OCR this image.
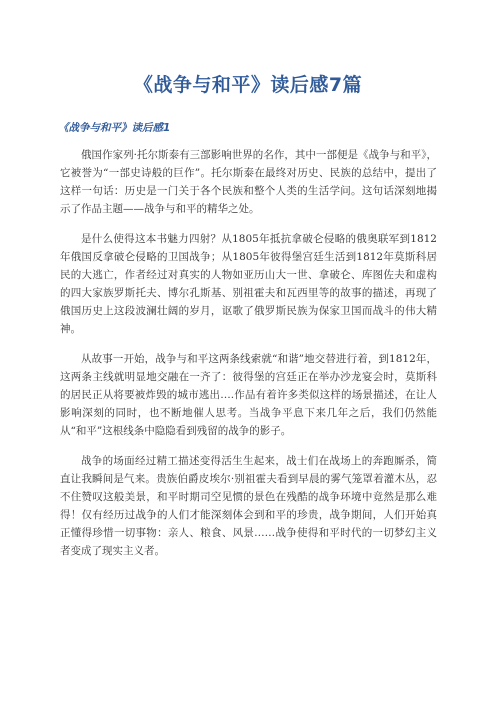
《战争与和平》读后感7篇
《战争与和平》读后感1

俄国作家列·托尔斯泰有三部影响世界的名作，其中一部便是《战争与和平》，它被誉为“一部史诗般的巨作”。托尔斯泰在最终对历史、民族的总结中，提出了这样一句话：历史是一门关于各个民族和整个人类的生活学问。这句话深刻地揭示了作品主题——战争与和平的精华之处。

是什么使得这本书魅力四射？从1805年抵抗拿破仑侵略的俄奥联军到1812年俄国反拿破仑侵略的卫国战争；从1805年彼得堡宫廷生活到1812年莫斯科居民的大逃亡，作者经过对真实的人物如亚历山大一世、拿破仑、库图佐夫和虚构的四大家族罗斯托夫、博尔孔斯基、别祖霍夫和瓦西里等的故事的描述，再现了俄国历史上这段波澜壮阔的岁月，讴歌了俄罗斯民族为保家卫国而战斗的伟大精神。

从故事一开始，战争与和平这两条线索就“和谐”地交替进行着，到1812年，这两条主线就明显地交融在一齐了：彼得堡的宫廷正在举办沙龙宴会时，莫斯科的居民正从将要被炸毁的城市逃出….作品有着许多类似这样的场景描述，在让人影响深刻的同时，也不断地催人思考。当战争平息下来几年之后，我们仍然能从“和平”这根线条中隐隐看到残留的战争的影子。

战争的场面经过精工描述变得活生生起来，战士们在战场上的奔跑厮杀，简直让我瞬间是气来。贵族伯爵皮埃尔·别祖霍夫看到早晨的雾气笼罩着灌木丛，忍不住赞叹这般美景，和平时期司空见惯的景色在残酷的战争环境中竟然是那么难得！仅有经历过战争的人们才能深刻体会到和平的珍贵，战争期间，人们开始真正懂得珍惜一切事物：亲人、粮食、风景……战争使得和平时代的一切梦幻主义者变成了现实主义者。
